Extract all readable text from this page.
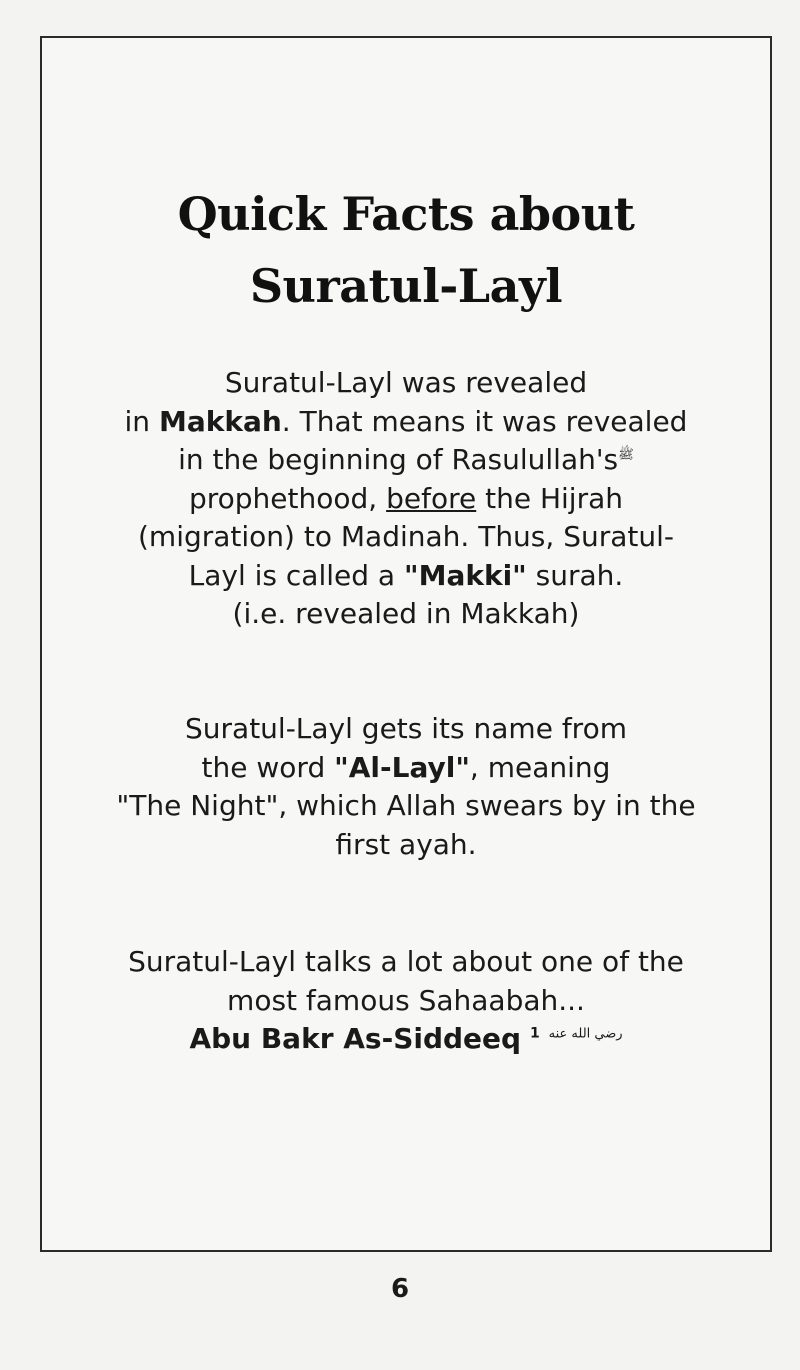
Quick Facts about
Suratul-Layl
Suratul-Layl was revealed
in Makkah. That means it was revealed
in the beginning of $Rasulullah's^ﷺ$
prophethood, before the Hijrah
(migration) to Madinah. Thus, Suratul-
Layl is called a "Makki" surah.
(i.e. revealed in Makkah)
Suratul-Layl gets its name from
the word "Al-Layl", meaning
"The Night", which Allah swears by in the
first ayah.
Suratul-Layl talks a lot about one of the
most famous Sahaabah...
Abu Bakr As-Siddeeq $^{رضي الله عنه}$ $^1$
6
